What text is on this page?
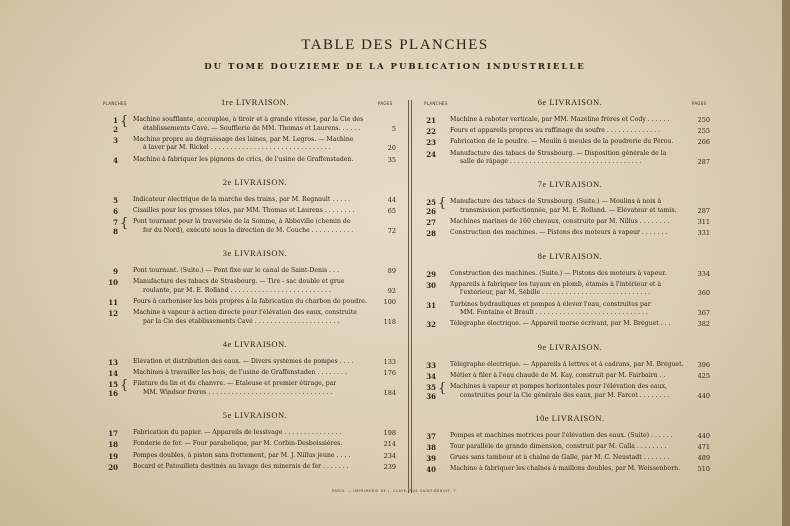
TABLE DES PLANCHES
DU TOME DOUZIEME DE LA PUBLICATION INDUSTRIELLE
PLANCHES	PAGES	PLANCHES	PAGES
1re LIVRAISON.
1
2
{ Machine soufflante, accouplée, à tiroir et à grande vitesse, par la Cie des
établissements Cavé. — Soufflerie de MM. Thomas et Laurens. . . . . .	5
3 Machine propre au dégraissage des laines, par M. Legros. — Machine
à laver par M. Rickel . . . . . . . . . . . . . . . . . . . . . . . . . . . . . . .	20
4 Machine à fabriquer les pignons de crics, de l'usine de Graffenstaden.	35
2e LIVRAISON.
5 Indicateur électrique de la marche des trains, par M. Regnault . . . . .	44
6 Cisailles pour les grosses tôles, par MM. Thomas et Laurens . . . . . . . .	65
7
8
{ Pont tournant pour la traversée de la Somme, à Abbeville (chemin de
fer du Nord), exécuté sous la direction de M. Couche . . . . . . . . . . .	72
3e LIVRAISON.
9 Pont tournant. (Suite.) — Pont fixe sur le canal de Saint-Denis . . .	89
10 Manufacture des tabacs de Strasbourg. — Tire - sac double et grue
roulante, par M. E. Rolland . . . . . . . . . . . . . . . . . . . . . . . . . .	92
11 Fours à carboniser les bois propres à la fabrication du charbon de poudre.	100
12 Machine à vapeur à action directe pour l'élévation des eaux, construite
par la Cie des établissements Cavé . . . . . . . . . . . . . . . . . . . . . .	118
4e LIVRAISON.
13 Élévation et distribution des eaux. — Divers systèmes de pompes . . . .	133
14 Machines à travailler les bois, de l'usine de Graffenstaden . . . . . . . .	176
15
16
{ Filature du lin et du chanvre. — Étaleuse et premier étirage, par
MM. Windsor frères . . . . . . . . . . . . . . . . . . . . . . . . . . . . . . . .	184
5e LIVRAISON.
17 Fabrication du papier. — Appareils de lessivage . . . . . . . . . . . . . . .	198
18 Fonderie de fer. — Four parabolique, par M. Corbin-Desboissières.	214
19 Pompes doubles, à piston sans frottement, par M. J. Nillus jeune . . . .	234
20 Bocard et Patouillets destinés au lavage des minerais de fer . . . . . . .	239
6e LIVRAISON.
21 Machine à raboter verticale, par MM. Mazeline frères et Cody . . . . . .	250
22 Fours et appareils propres au raffinage du soufre . . . . . . . . . . . . . .	255
23 Fabrication de la poudre. — Moulin à meules de la poudrerie du Pérou.	266
24 Manufacture des tabacs de Strasbourg. — Disposition générale de la
salle de râpage . . . . . . . . . . . . . . . . . . . . . . . . . . . . . . . . . .	287
7e LIVRAISON.
25
26
{ Manufacture des tabacs de Strasbourg. (Suite.) — Moulins à noix à
transmission perfectionnée, par M. E. Rolland. — Élévateur et tamis.	287
27 Machines marines de 160 chevaux, construite par M. Nillus . . . . . . . .	311
28 Construction des machines. — Pistons des moteurs à vapeur . . . . . . .	331
8e LIVRAISON.
29 Construction des machines. (Suite.) — Pistons des moteurs à vapeur.	334
30 Appareils à fabriquer les tuyaux en plomb, étamés à l'intérieur et à
l'extérieur, par M. Sébille . . . . . . . . . . . . . . . . . . . . . . . . . . . .	360
31 Turbines hydrauliques et pompes à élever l'eau, construites par
MM. Fontaine et Brault . . . . . . . . . . . . . . . . . . . . . . . . . . . . .	367
32 Télégraphe électrique. — Appareil morse écrivant, par M. Bréguet . . .	382
9e LIVRAISON.
33 Télégraphe électrique. — Appareils à lettres et à cadrans, par M. Bréguet.	396
34 Métier à filer à l'eau chaude de M. Kay, construit par M. Fairbairn . .	425
35
36
{ Machines à vapeur et pompes horizontales pour l'élévation des eaux,
construites pour la Cie générale des eaux, par M. Farcot . . . . . . . .	440
10e LIVRAISON.
37 Pompes et machines motrices pour l'élévation des eaux. (Suite) . . . . . .	440
38 Tour parallèle de grande dimension, construit par M. Calla . . . . . . . .	471
39 Grues sans tambour et à chaîne de Galle, par M. C. Neustadt . . . . . . .	489
40 Machine à fabriquer les chaînes à maillons doubles, par M. Weissenborn.	510
PARIS. — IMPRIMERIE DE J. CLAYE, RUE SAINT-BENOIT, 7.
